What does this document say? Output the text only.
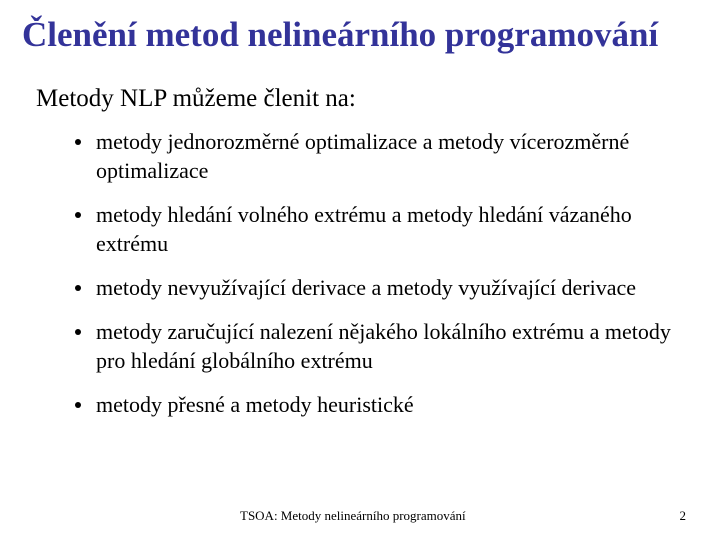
Členění metod nelineárního programování

Metody NLP můžeme členit na:

metody jednorozměrné optimalizace a metody vícerozměrné optimalizace
metody hledání volného extrému a metody hledání vázaného extrému
metody nevyužívající derivace a metody využívající derivace
metody zaručující nalezení nějakého lokálního extrému a metody pro hledání globálního extrému
metody přesné a metody heuristické
TSOA: Metody nelineárního programování	2
